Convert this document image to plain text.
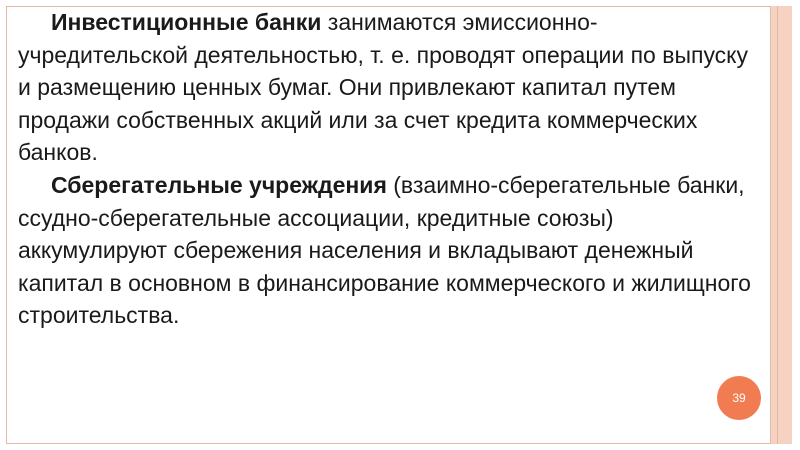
Инвестиционные банки занимаются эмиссионно-учредительской деятельностью, т. е. проводят операции по выпуску и размещению ценных бумаг. Они привлекают капитал путем продажи собственных акций или за счет кредита коммерческих банков.

Сберегательные учреждения (взаимно-сберегательные банки, ссудно-сберегательные ассоциации, кредитные союзы) аккумулируют сбережения населения и вкладывают денежный капитал в основном в финансирование коммерческого и жилищного строительства.

39
